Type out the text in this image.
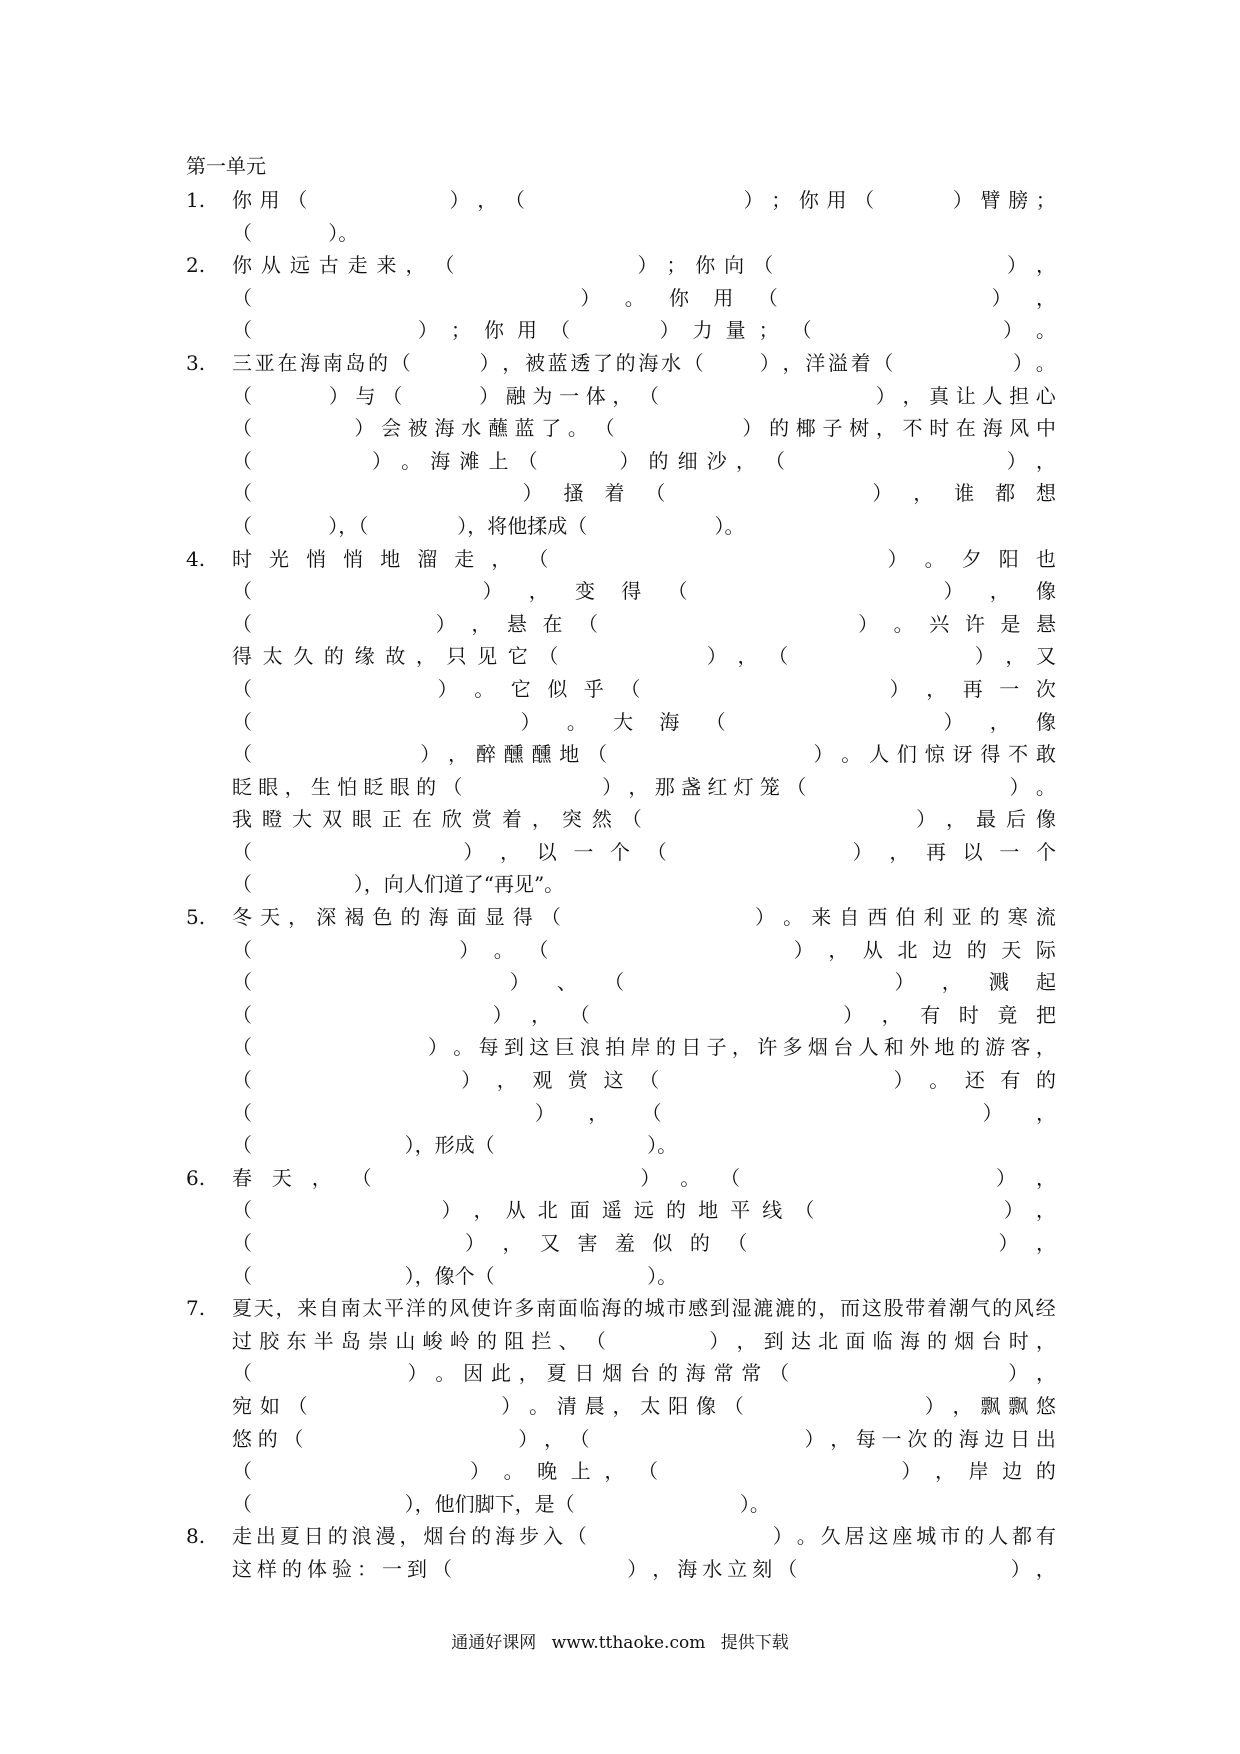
第一单元
1.	你 用 （
	） ， （
	） ； 你 用 （
	） 臂 膀 ；
（            ）。
2.	你 从 远 古 走 来 ， （
	） ； 你 向 （
	） ，
（
	） 。 你 用 （
	） ，
（
	） ； 你 用 （
	） 力 量 ； （
	） 。
3.	三 亚 在 海 南 岛 的 （
	） ， 被 蓝 透 了 的 海 水 （
	） ， 洋 溢 着 （
	） 。
（
	） 与 （
	） 融 为 一 体 ， （
	） ， 真 让 人 担 心
（
	） 会 被 海 水 蘸 蓝 了 。 （
	） 的 椰 子 树 ， 不 时 在 海 风 中
（
	） 。 海 滩 上 （
	） 的 细 沙 ， （
	） ，
（
	） 搔 着 （
	） ， 谁 都 想
（            ），（              ），将他揉成（                    ）。
4.	时 光 悄 悄 地 溜 走 ， （
	） 。 夕 阳 也
（
	） ， 变 得 （
	） ， 像
（
	） ， 悬 在 （
	） 。 兴 许 是 悬
得 太 久 的 缘 故 ， 只 见 它 （
	） ， （
	） ， 又
（
	） 。 它 似 乎 （
	） ， 再 一 次
（
	） 。 大 海 （
	） ， 像
（
	） ， 醉 醺 醺 地 （
	） 。 人 们 惊 讶 得 不 敢
眨 眼 ， 生 怕 眨 眼 的 （
	） ， 那 盏 红 灯 笼 （
	） 。
我 瞪 大 双 眼 正 在 欣 赏 着 ， 突 然 （
	） ， 最 后 像
（
	） ， 以 一 个 （
	） ， 再 以 一 个
（                ），向人们道了“再见”。
5.	冬 天 ， 深 褐 色 的 海 面 显 得 （
	） 。 来 自 西 伯 利 亚 的 寒 流
（
	） 。 （
	） ， 从 北 边 的 天 际
（
	） 、 （
	） ， 溅 起
（
	） ， （
	） ， 有 时 竟 把
（
	） 。 每 到 这 巨 浪 拍 岸 的 日 子 ， 许 多 烟 台 人 和 外 地 的 游 客 ，
（
	） ， 观 赏 这 （
	） 。 还 有 的
（
	） ， （
	） ，
（                        ），形成（                        ）。
6.	春 天 ， （
	） 。 （
	） ，
（
	） ， 从 北 面 遥 远 的 地 平 线 （
	） ，
（
	） ， 又 害 羞 似 的 （
	） ，
（                        ），像个（                        ）。
7.	夏 天 ， 来 自 南 太 平 洋 的 风 使 许 多 南 面 临 海 的 城 市 感 到 湿 漉 漉 的 ， 而 这 股 带 着 潮 气 的 风 经
过 胶 东 半 岛 崇 山 峻 岭 的 阻 拦 、 （
	） ， 到 达 北 面 临 海 的 烟 台 时 ，
（
	） 。 因 此 ， 夏 日 烟 台 的 海 常 常 （
	） ，
宛 如 （
	） 。 清 晨 ， 太 阳 像 （
	） ， 飘 飘 悠
悠 的 （
	） ， （
	） ， 每 一 次 的 海 边 日 出
（
	） 。 晚 上 ， （
	） ， 岸 边 的
（                        ），他们脚下，是（                          ）。
8.	走 出 夏 日 的 浪 漫 ， 烟 台 的 海 步 入 （
	） 。 久 居 这 座 城 市 的 人 都 有
这 样 的 体 验 ： 一 到 （
	） ， 海 水 立 刻 （
	） ，
通通好课网 www.tthaoke.com 提供下载
